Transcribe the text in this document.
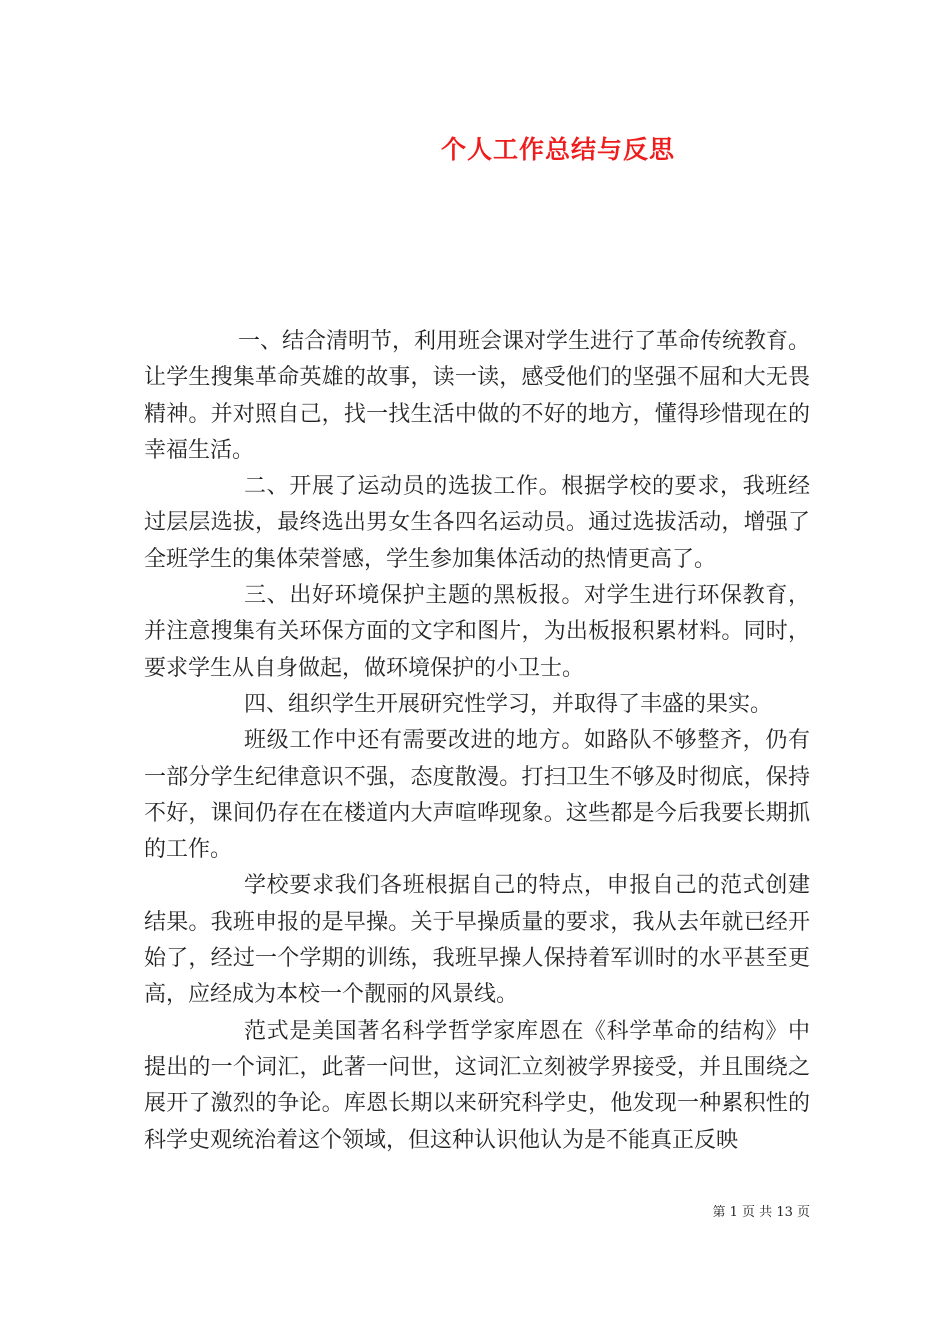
个人工作总结与反思

一、结合清明节，利用班会课对学生进行了革命传统教育。让学生搜集革命英雄的故事，读一读，感受他们的坚强不屈和大无畏精神。并对照自己，找一找生活中做的不好的地方，懂得珍惜现在的幸福生活。

二、开展了运动员的选拔工作。根据学校的要求，我班经过层层选拔，最终选出男女生各四名运动员。通过选拔活动，增强了全班学生的集体荣誉感，学生参加集体活动的热情更高了。

三、出好环境保护主题的黑板报。对学生进行环保教育，并注意搜集有关环保方面的文字和图片，为出板报积累材料。同时，要求学生从自身做起，做环境保护的小卫士。

四、组织学生开展研究性学习，并取得了丰盛的果实。

班级工作中还有需要改进的地方。如路队不够整齐，仍有一部分学生纪律意识不强，态度散漫。打扫卫生不够及时彻底，保持不好，课间仍存在在楼道内大声喧哗现象。这些都是今后我要长期抓的工作。

学校要求我们各班根据自己的特点，申报自己的范式创建结果。我班申报的是早操。关于早操质量的要求，我从去年就已经开始了，经过一个学期的训练，我班早操人保持着军训时的水平甚至更高，应经成为本校一个靓丽的风景线。

范式是美国著名科学哲学家库恩在《科学革命的结构》中提出的一个词汇，此著一问世，这词汇立刻被学界接受，并且围绕之展开了激烈的争论。库恩长期以来研究科学史，他发现一种累积性的科学史观统治着这个领域，但这种认识他认为是不能真正反映

第 1 页 共 13 页
